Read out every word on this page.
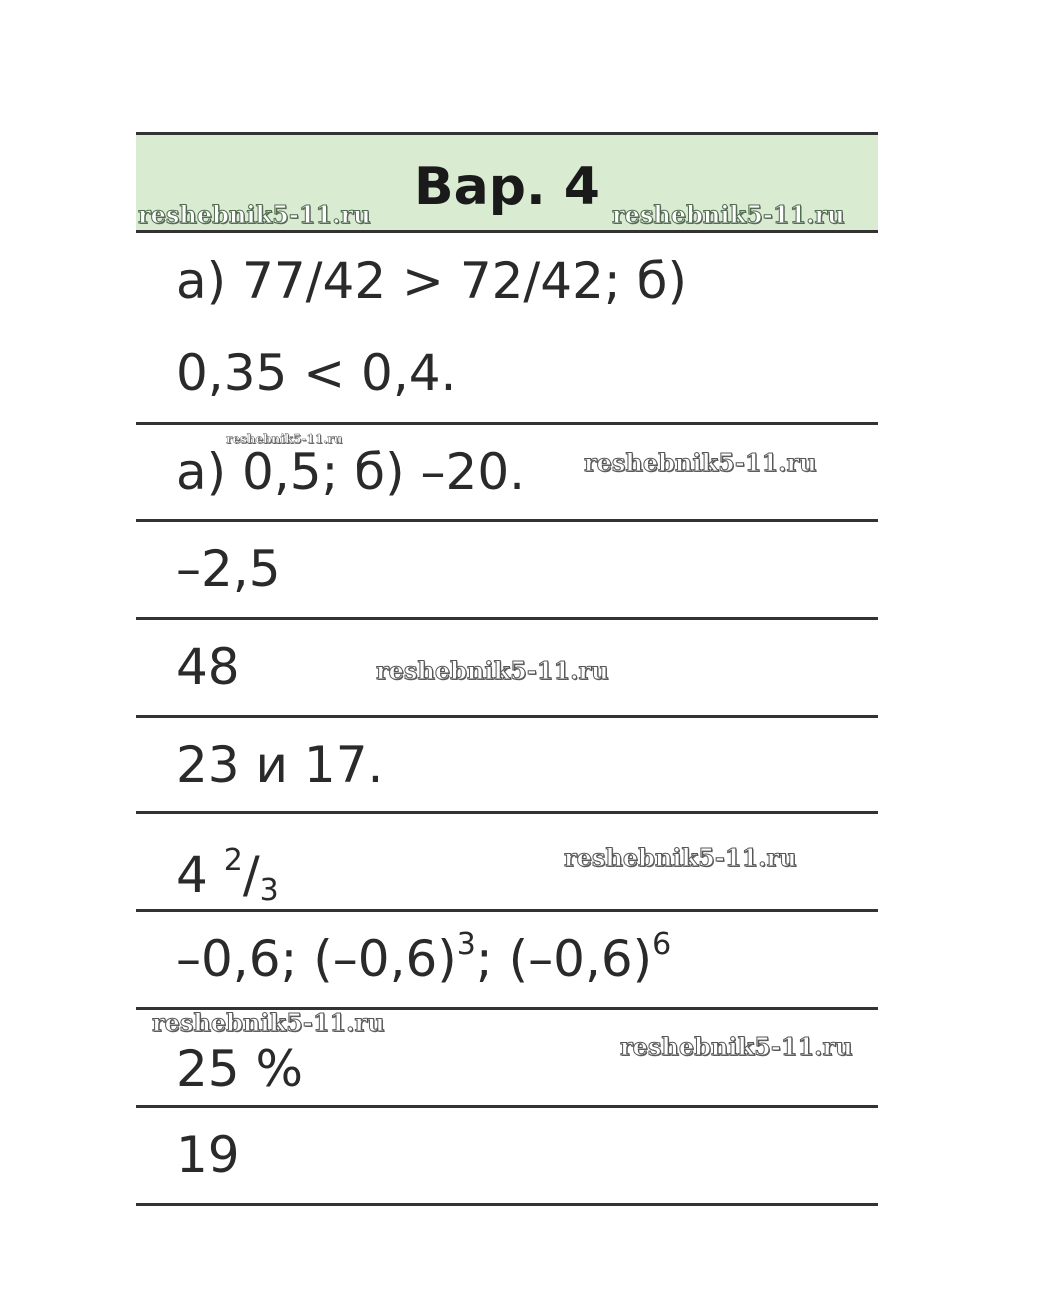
Вар. 4
а) 77/42 > 72/42; б)
0,35 < 0,4.
а) 0,5; б) –20.
–2,5
48
23 и 17.
4 $^2/_3$
–0,6; $(-0,6)^3$; $(-0,6)^6$
25 %
19
reshebnik5-11.ru	reshebnik5-11.ru
reshebnik5-11.ru
reshebnik5-11.ru
reshebnik5-11.ru
reshebnik5-11.ru
reshebnik5-11.ru
reshebnik5-11.ru
